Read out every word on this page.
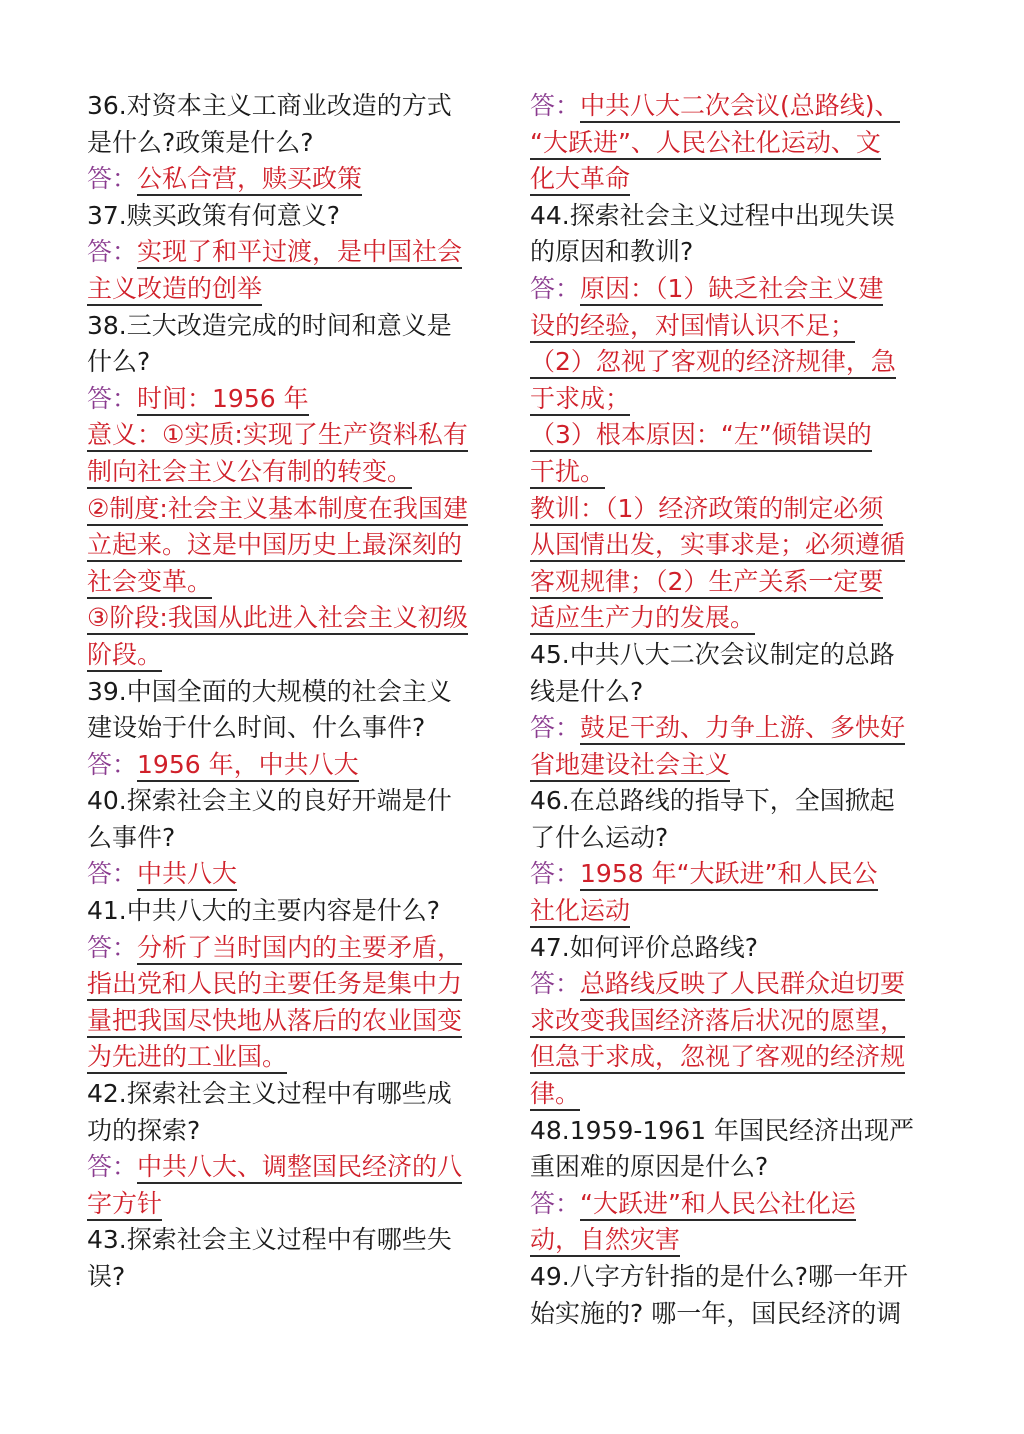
36.对资本主义工商业改造的方式
是什么?政策是什么?
答：公私合营，赎买政策
37.赎买政策有何意义?
答：实现了和平过渡，是中国社会
主义改造的创举
38.三大改造完成的时间和意义是
什么?
答：时间：1956 年
意义：①实质:实现了生产资料私有
制向社会主义公有制的转变。
②制度:社会主义基本制度在我国建
立起来。这是中国历史上最深刻的
社会变革。
③阶段:我国从此进入社会主义初级
阶段。
39.中国全面的大规模的社会主义
建设始于什么时间、什么事件?
答：1956 年，中共八大
40.探索社会主义的良好开端是什
么事件?
答：中共八大
41.中共八大的主要内容是什么?
答：分析了当时国内的主要矛盾，
指出党和人民的主要任务是集中力
量把我国尽快地从落后的农业国变
为先进的工业国。
42.探索社会主义过程中有哪些成
功的探索?
答：中共八大、调整国民经济的八
字方针
43.探索社会主义过程中有哪些失
误?
答：中共八大二次会议(总路线)、
“大跃进”、人民公社化运动、文
化大革命
44.探索社会主义过程中出现失误
的原因和教训?
答：原因：（1）缺乏社会主义建
设的经验，对国情认识不足；
（2）忽视了客观的经济规律，急
于求成；
（3）根本原因：“左”倾错误的
干扰。
教训：（1）经济政策的制定必须
从国情出发，实事求是；必须遵循
客观规律；（2）生产关系一定要
适应生产力的发展。
45.中共八大二次会议制定的总路
线是什么?
答：鼓足干劲、力争上游、多快好
省地建设社会主义
46.在总路线的指导下，全国掀起
了什么运动?
答：1958 年“大跃进”和人民公
社化运动
47.如何评价总路线?
答：总路线反映了人民群众迫切要
求改变我国经济落后状况的愿望，
但急于求成，忽视了客观的经济规
律。
48.1959-1961 年国民经济出现严
重困难的原因是什么?
答：“大跃进”和人民公社化运
动，自然灾害
49.八字方针指的是什么?哪一年开
始实施的? 哪一年，国民经济的调
